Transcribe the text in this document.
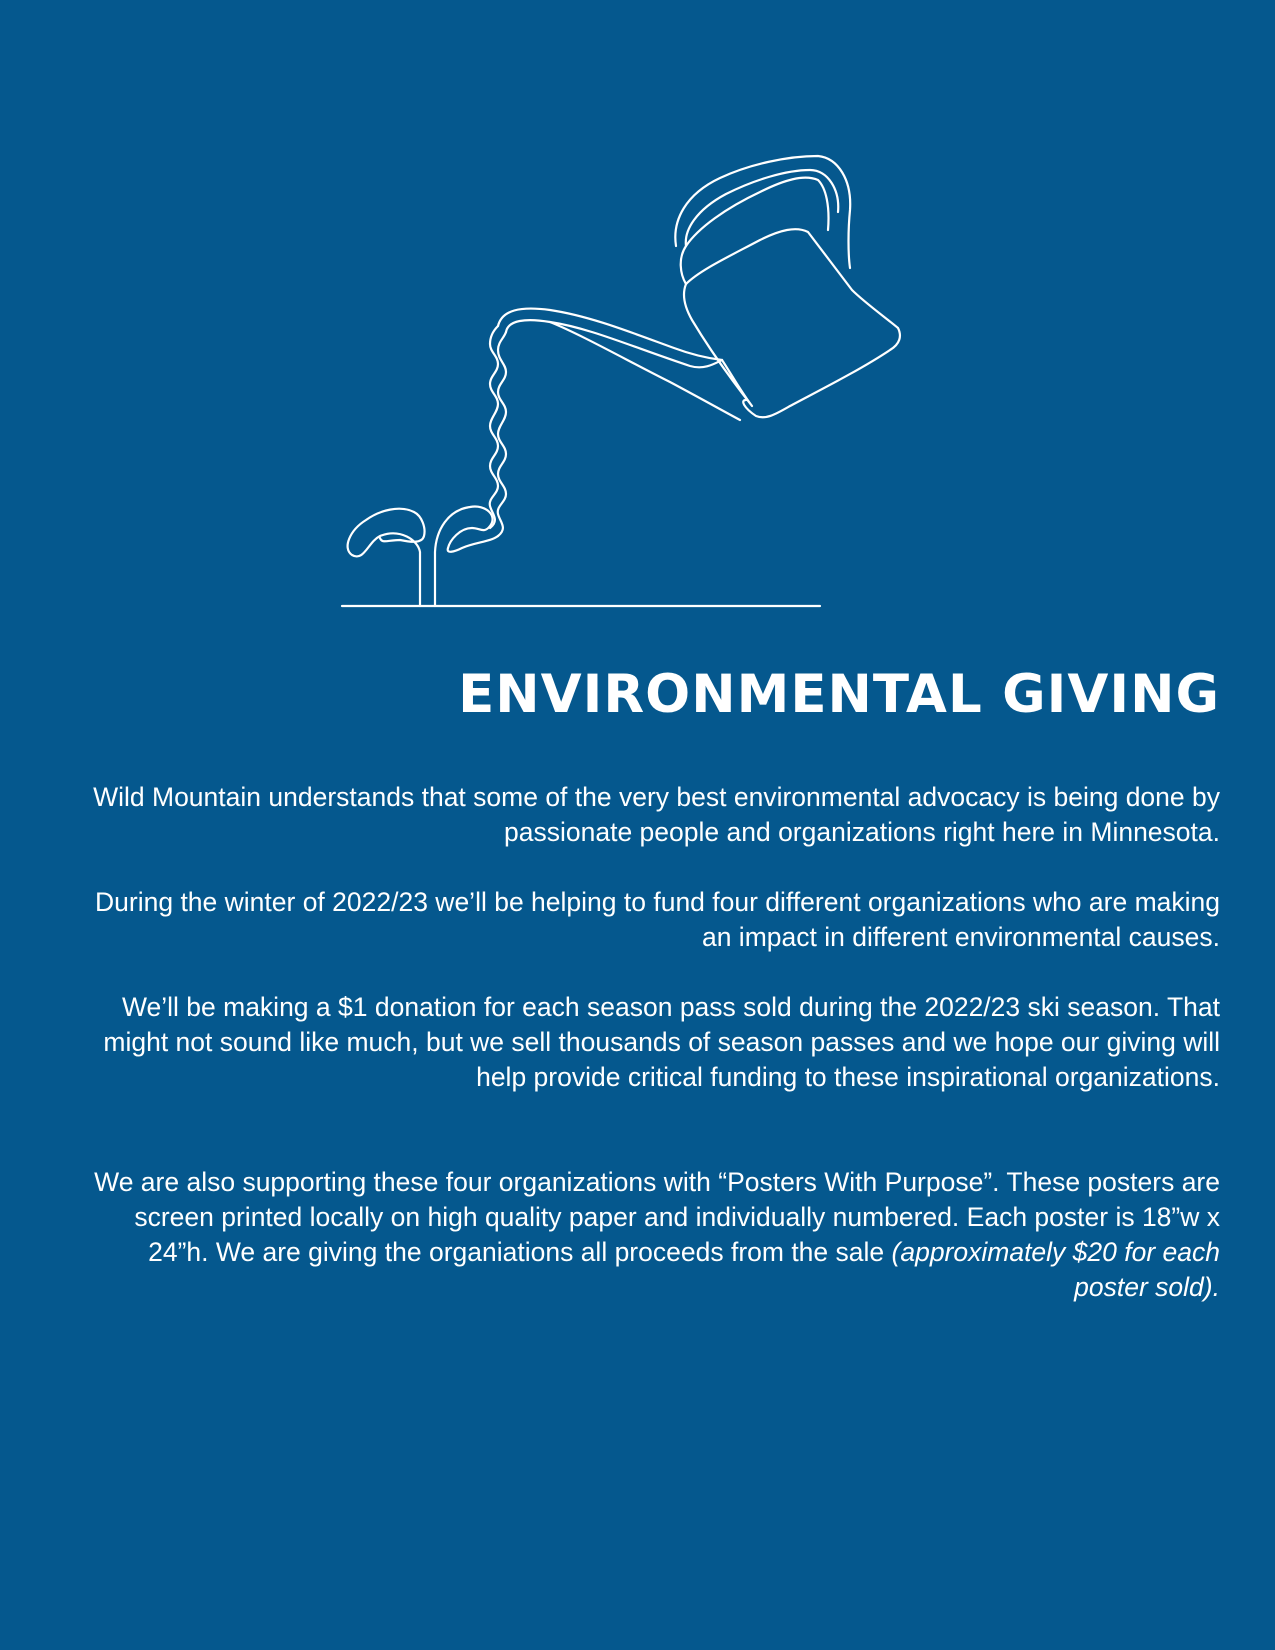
ENVIRONMENTAL GIVING

Wild Mountain understands that some of the very best environmental advocacy is being done by passionate people and organizations right here in Minnesota.

During the winter of 2022/23 we’ll be helping to fund four different organizations who are making an impact in different environmental causes.

We’ll be making a $1 donation for each season pass sold during the 2022/23 ski season. That might not sound like much, but we sell thousands of season passes and we hope our giving will help provide critical funding to these inspirational organizations.

We are also supporting these four organizations with “Posters With Purpose”. These posters are screen printed locally on high quality paper and individually numbered. Each poster is 18”w x 24”h. We are giving the organiations all proceeds from the sale (approximately $20 for each poster sold).
